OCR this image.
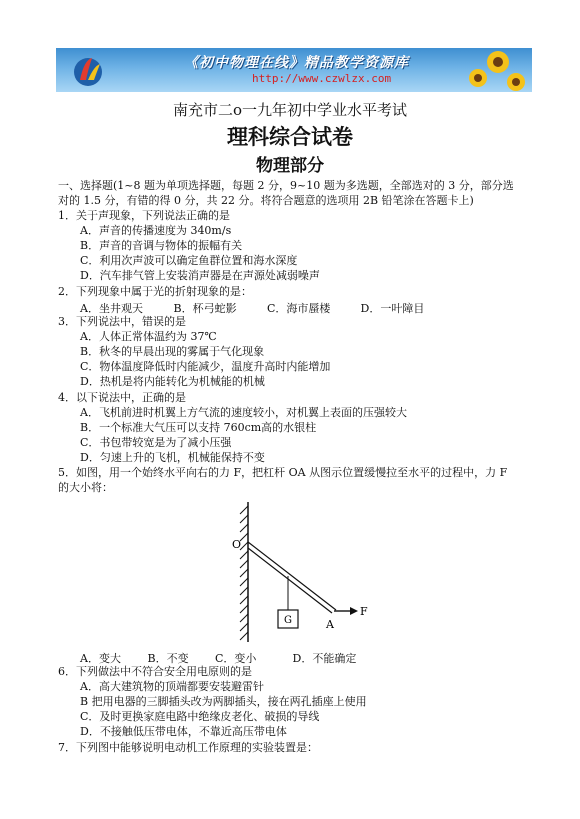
《初中物理在线》精品教学资源库
http://www.czwlzx.com
南充市二o一九年初中学业水平考试
理科综合试卷
物理部分
一、选择题(1~8 题为单项选择题，每题 2 分，9~10 题为多选题，全部选对的 3 分，部分选
对的 1.5 分，有错的得 0 分，共 22 分。将符合题意的选项用 2B 铅笔涂在答题卡上)
1．关于声现象，下列说法正确的是
A．声音的传播速度为 340m/s
B．声音的音调与物体的振幅有关
C．利用次声波可以确定鱼群位置和海水深度
D．汽车排气管上安装消声器是在声源处减弱噪声
2．下列现象中属于光的折射现象的是：
A．坐井观天	B．杯弓蛇影	C．海市蜃楼	D．一叶障目
3．下列说法中，错误的是
A．人体正常体温约为 37℃
B．秋冬的早晨出现的雾属于气化现象
C．物体温度降低时内能减少，温度升高时内能增加
D．热机是将内能转化为机械能的机械
4．以下说法中，正确的是
A．飞机前进时机翼上方气流的速度较小，对机翼上表面的压强较大
B．一个标准大气压可以支持 760cm高的水银柱
C．书包带较宽是为了减小压强
D．匀速上升的飞机，机械能保持不变
5．如图，用一个始终水平向右的力 F，把杠杆 OA 从图示位置缓慢拉至水平的过程中，力 F
的大小将：
O
G	A
F
A．变大 B．不变 C．变小	D．不能确定
6．下列做法中不符合安全用电原则的是
A．高大建筑物的顶端都要安装避雷针
B 把用电器的三脚插头改为两脚插头，接在两孔插座上使用
C．及时更换家庭电路中绝缘皮老化、破损的导线
D．不接触低压带电体，不靠近高压带电体
7．下列图中能够说明电动机工作原理的实验装置是：
